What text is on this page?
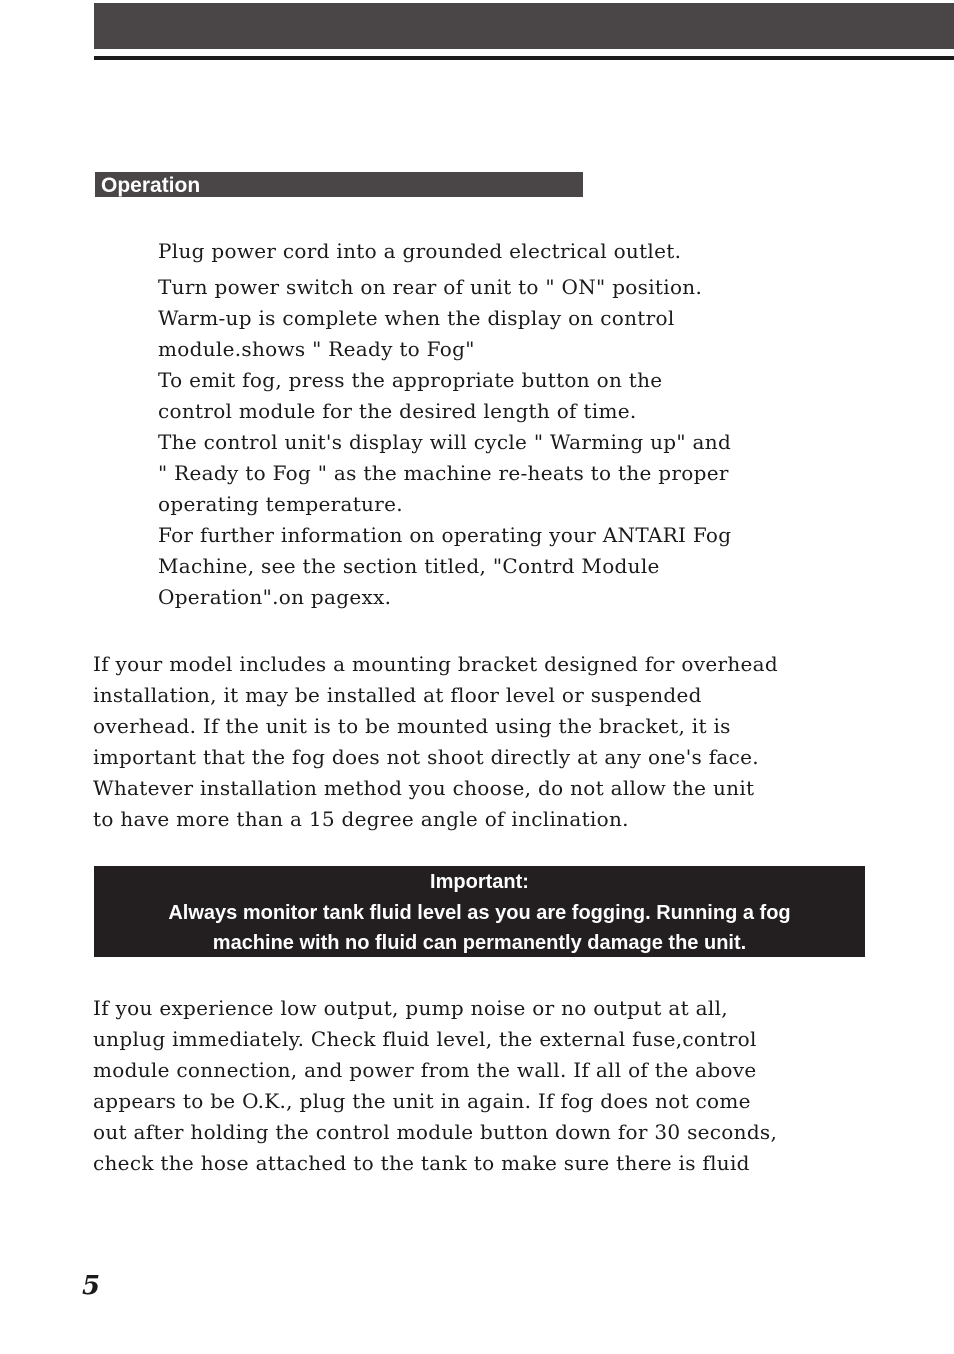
Operation

Plug power cord into a grounded electrical outlet.

Turn power switch on rear of unit to " ON" position.

Warm-up is complete when the display on control

module.shows " Ready to Fog"

To emit fog, press the appropriate button on the

control module for the desired length of time.

The control unit's display will cycle " Warming up" and

" Ready to Fog " as the machine re-heats to the proper

operating temperature.

For further information on operating your ANTARI Fog

Machine, see the section titled, "Contrd Module

Operation".on pagexx.

If your model includes a mounting bracket designed for overhead

installation, it may be installed at floor level or suspended

overhead. If the unit is to be mounted using the bracket, it is

important that the fog does not shoot directly at any one's face.

Whatever installation method you choose, do not allow the unit

to have more than a 15 degree angle of inclination.

Important:
Always monitor tank fluid level as you are fogging. Running a fog
machine with no fluid can permanently damage the unit.

If you experience low output, pump noise or no output at all,

unplug immediately. Check fluid level, the external fuse,control

module connection, and power from the wall. If all of the above

appears to be O.K., plug the unit in again. If fog does not come

out after holding the control module button down for 30 seconds,

check the hose attached to the tank to make sure there is fluid

5
